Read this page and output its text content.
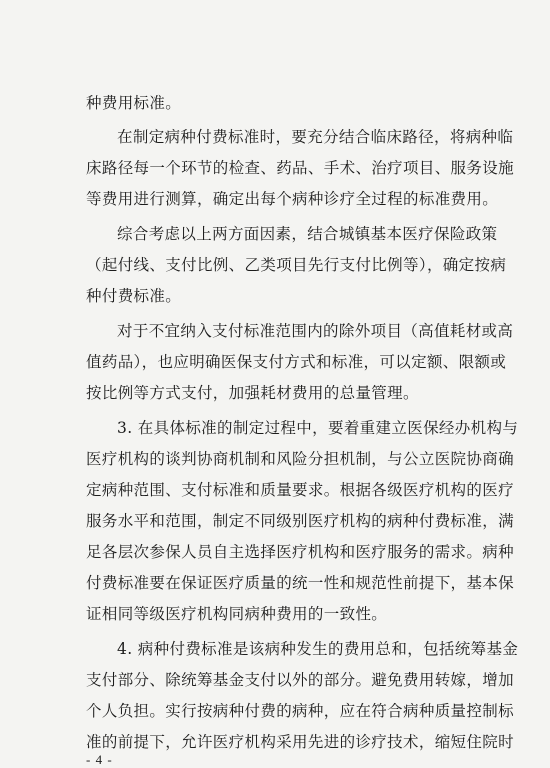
种费用标准。
在制定病种付费标准时，要充分结合临床路径，将病种临
床路径每一个环节的检查、药品、手术、治疗项目、服务设施
等费用进行测算，确定出每个病种诊疗全过程的标准费用。
综合考虑以上两方面因素，结合城镇基本医疗保险政策
（起付线、支付比例、乙类项目先行支付比例等），确定按病
种付费标准。
对于不宜纳入支付标准范围内的除外项目（高值耗材或高
值药品），也应明确医保支付方式和标准，可以定额、限额或
按比例等方式支付，加强耗材费用的总量管理。
3. 在具体标准的制定过程中，要着重建立医保经办机构与
医疗机构的谈判协商机制和风险分担机制，与公立医院协商确
定病种范围、支付标准和质量要求。根据各级医疗机构的医疗
服务水平和范围，制定不同级别医疗机构的病种付费标准，满
足各层次参保人员自主选择医疗机构和医疗服务的需求。病种
付费标准要在保证医疗质量的统一性和规范性前提下，基本保
证相同等级医疗机构同病种费用的一致性。
4. 病种付费标准是该病种发生的费用总和，包括统筹基金
支付部分、除统筹基金支付以外的部分。避免费用转嫁，增加
个人负担。实行按病种付费的病种，应在符合病种质量控制标
准的前提下，允许医疗机构采用先进的诊疗技术，缩短住院时
- 4 -
